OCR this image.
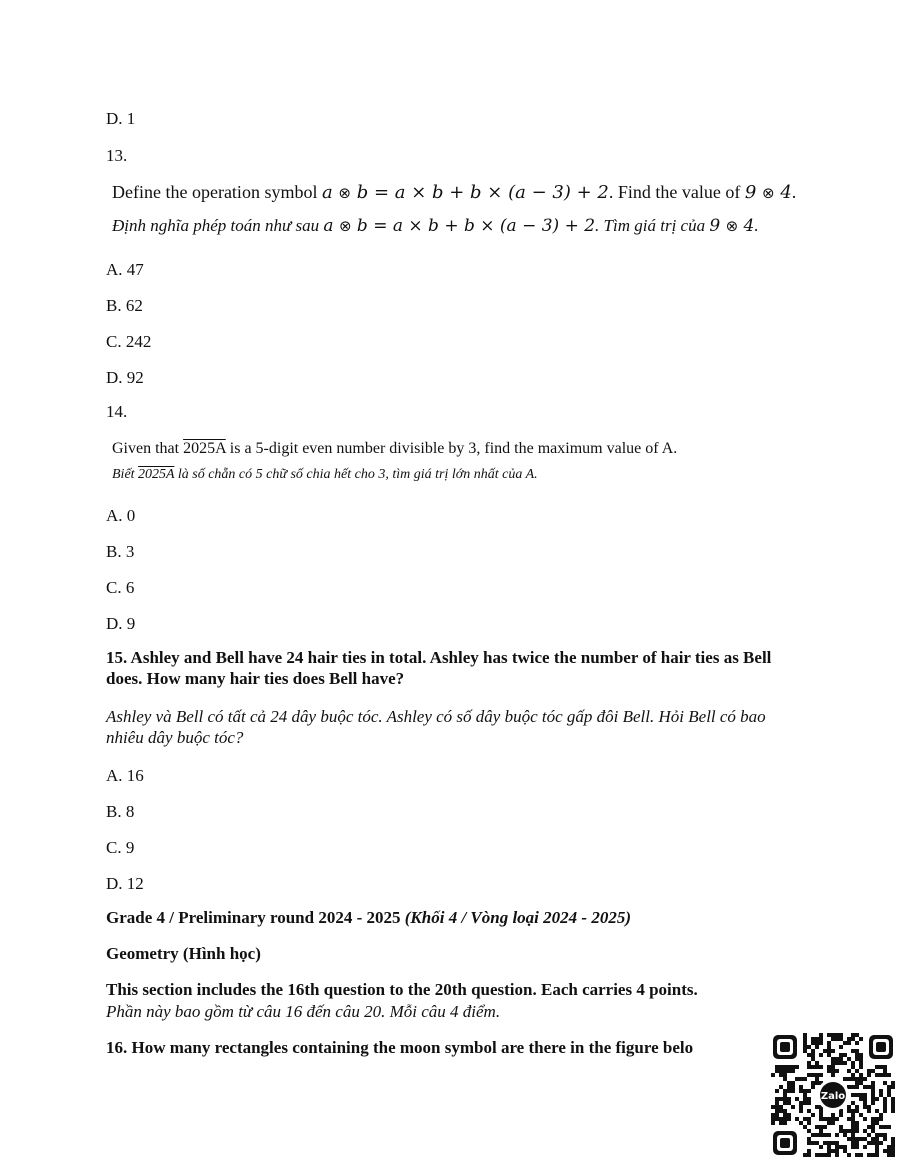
D. 1

13.

Define the operation symbol a ⊗ b = a × b + b × (a − 3) + 2. Find the value of 9 ⊗ 4.

Định nghĩa phép toán như sau a ⊗ b = a × b + b × (a − 3) + 2. Tìm giá trị của 9 ⊗ 4.

A. 47

B. 62

C. 242

D. 92

14.

Given that 2025A is a 5-digit even number divisible by 3, find the maximum value of A.

Biết 2025A là số chẵn có 5 chữ số chia hết cho 3, tìm giá trị lớn nhất của A.

A. 0

B. 3

C. 6

D. 9

15. Ashley and Bell have 24 hair ties in total. Ashley has twice the number of hair ties as Bell does. How many hair ties does Bell have?

Ashley và Bell có tất cả 24 dây buộc tóc. Ashley có số dây buộc tóc gấp đôi Bell. Hỏi Bell có bao nhiêu dây buộc tóc?

A. 16

B. 8

C. 9

D. 12

Grade 4 / Preliminary round 2024 - 2025 (Khối 4 / Vòng loại 2024 - 2025)

Geometry (Hình học)

This section includes the 16th question to the 20th question. Each carries 4 points.

Phần này bao gồm từ câu 16 đến câu 20. Mỗi câu 4 điểm.

16. How many rectangles containing the moon symbol are there in the figure belo

Zalo
